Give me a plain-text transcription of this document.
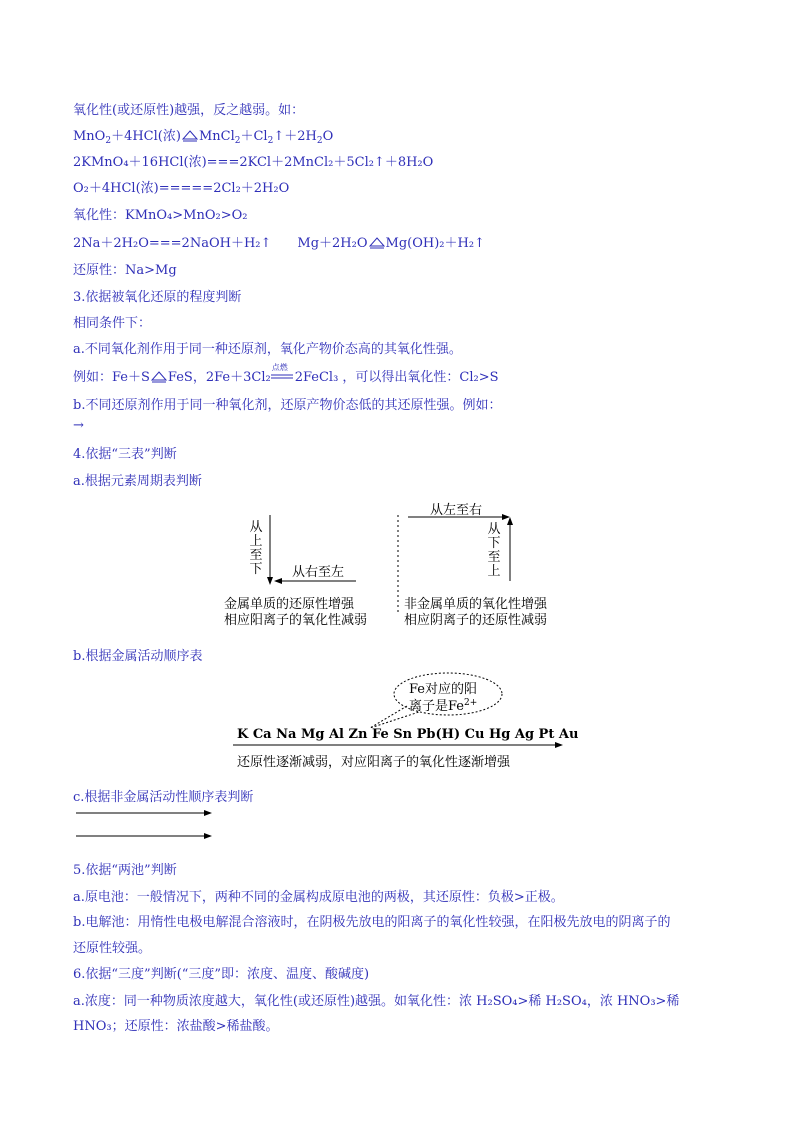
氧化性(或还原性)越强，反之越弱。如：
MnO$_2$＋4HCl(浓) $MnCl_2+Cl_2↑+2H_2O$
2KMnO₄＋16HCl(浓)===2KCl＋2MnCl₂＋5Cl₂↑＋8H₂O
O₂＋4HCl(浓)=====2Cl₂＋2H₂O
氧化性：KMnO₄>MnO₂>O₂
2Na＋2H₂O===2NaOH＋H₂↑ Mg＋2H₂O Mg(OH)₂＋H₂↑
还原性：Na>Mg
3.依据被氧化还原的程度判断
相同条件下：
a.不同氧化剂作用于同一种还原剂，氧化产物价态高的其氧化性强。
例如：Fe＋S FeS，2Fe＋3Cl₂
点燃
2FeCl₃ ，可以得出氧化性：Cl₂>S
b.不同还原剂作用于同一种氧化剂，还原产物价态低的其还原性强。例如：
→
4.依据“三表”判断
a.根据元素周期表判断
从上至下 从右至左
从左至右
从下至上
金属单质的还原性增强
相应阳离子的氧化性减弱
非金属单质的氧化性增强
相应阴离子的还原性减弱
b.根据金属活动顺序表
Fe对应的阳
离子是$Fe^{2+}$
K Ca Na Mg Al Zn Fe Sn Pb(H) Cu Hg Ag Pt Au
还原性逐渐减弱，对应阳离子的氧化性逐渐增强
c.根据非金属活动性顺序表判断
5.依据“两池”判断
a.原电池：一般情况下，两种不同的金属构成原电池的两极，其还原性：负极>正极。
b.电解池：用惰性电极电解混合溶液时，在阴极先放电的阳离子的氧化性较强，在阳极先放电的阴离子的
还原性较强。
6.依据“三度”判断(“三度”即：浓度、温度、酸碱度)
a.浓度：同一种物质浓度越大，氧化性(或还原性)越强。如氧化性：浓 H₂SO₄>稀 H₂SO₄，浓 HNO₃>稀
HNO₃；还原性：浓盐酸>稀盐酸。
